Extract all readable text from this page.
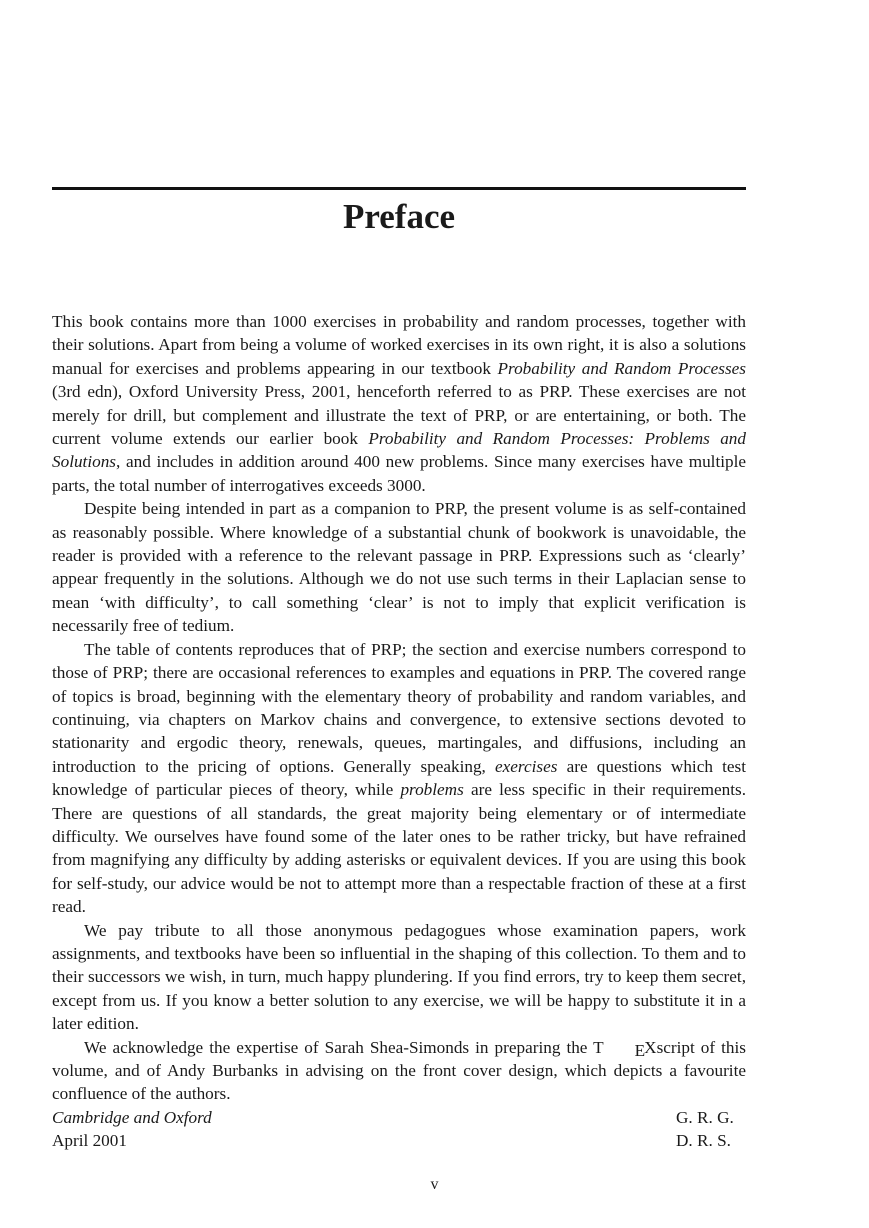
Preface

This book contains more than 1000 exercises in probability and random processes, together with their solutions. Apart from being a volume of worked exercises in its own right, it is also a solutions manual for exercises and problems appearing in our textbook Probability and Random Processes (3rd edn), Oxford University Press, 2001, henceforth referred to as PRP. These exercises are not merely for drill, but complement and illustrate the text of PRP, or are entertaining, or both. The current volume extends our earlier book Probability and Random Processes: Problems and Solutions, and includes in addition around 400 new problems. Since many exercises have multiple parts, the total number of interrogatives exceeds 3000.

Despite being intended in part as a companion to PRP, the present volume is as self-contained as reasonably possible. Where knowledge of a substantial chunk of bookwork is unavoidable, the reader is provided with a reference to the relevant passage in PRP. Expressions such as ‘clearly’ appear frequently in the solutions. Although we do not use such terms in their Laplacian sense to mean ‘with difficulty’, to call something ‘clear’ is not to imply that explicit verification is necessarily free of tedium.

The table of contents reproduces that of PRP; the section and exercise numbers correspond to those of PRP; there are occasional references to examples and equations in PRP. The covered range of topics is broad, beginning with the elementary theory of probability and random variables, and continuing, via chapters on Markov chains and convergence, to extensive sections devoted to stationarity and ergodic theory, renewals, queues, martingales, and diffusions, including an introduction to the pricing of options. Generally speaking, exercises are questions which test knowledge of particular pieces of theory, while problems are less specific in their requirements. There are questions of all standards, the great majority being elementary or of intermediate difficulty. We ourselves have found some of the later ones to be rather tricky, but have refrained from magnifying any difficulty by adding asterisks or equivalent devices. If you are using this book for self-study, our advice would be not to attempt more than a respectable fraction of these at a first read.

We pay tribute to all those anonymous pedagogues whose examination papers, work assignments, and textbooks have been so influential in the shaping of this collection. To them and to their successors we wish, in turn, much happy plundering. If you find errors, try to keep them secret, except from us. If you know a better solution to any exercise, we will be happy to substitute it in a later edition.

We acknowledge the expertise of Sarah Shea-Simonds in preparing the T EXscript of this volume, and of Andy Burbanks in advising on the front cover design, which depicts a favourite confluence of the authors.

Cambridge and Oxford	G. R. G.
April 2001	D. R. S.
v
